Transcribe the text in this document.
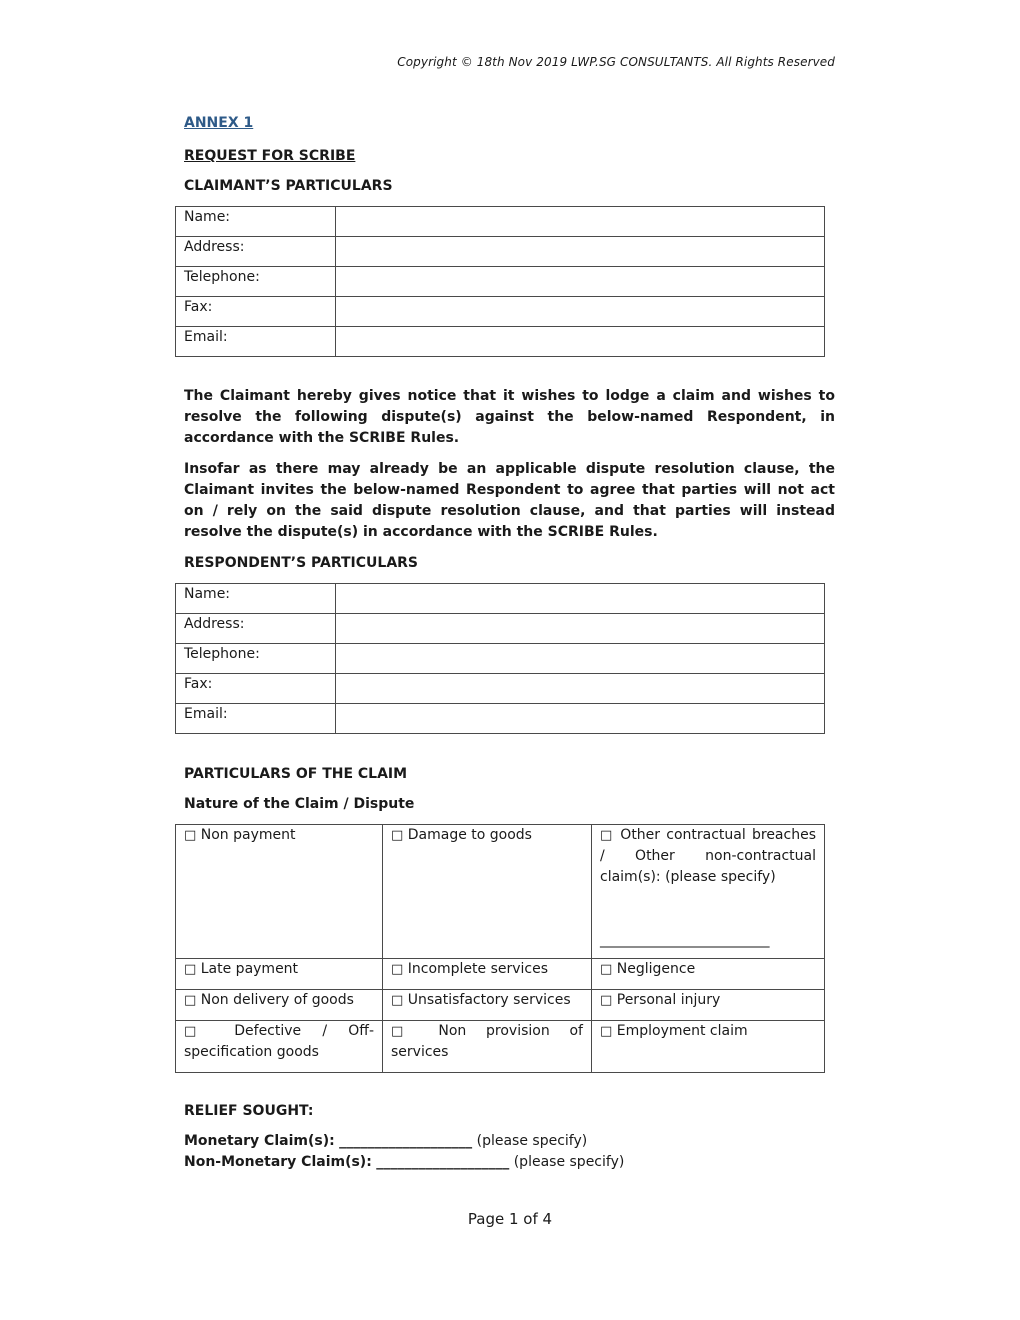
Copyright © 18th Nov 2019 LWP.SG CONSULTANTS. All Rights Reserved
ANNEX 1
REQUEST FOR SCRIBE
CLAIMANT’S PARTICULARS
Name:	
Address:	
Telephone:	
Fax:	
Email:	

The Claimant hereby gives notice that it wishes to lodge a claim and wishes to resolve the following dispute(s) against the below-named Respondent, in accordance with the SCRIBE Rules.

Insofar as there may already be an applicable dispute resolution clause, the Claimant invites the below-named Respondent to agree that parties will not act on / rely on the said dispute resolution clause, and that parties will instead resolve the dispute(s) in accordance with the SCRIBE Rules.

RESPONDENT’S PARTICULARS
Name:	
Address:	
Telephone:	
Fax:	
Email:	
PARTICULARS OF THE CLAIM
Nature of the Claim / Dispute
□ Non payment	□ Damage to goods	□ Other contractual breaches / Other non-contractual claim(s): (please specify)
__________________________

□ Late payment	□ Incomplete services	□ Negligence
□ Non delivery of goods	□ Unsatisfactory services	□ Personal injury
□ Defective / Off-specification goods	□ Non provision of services	□ Employment claim
RELIEF SOUGHT:

Monetary Claim(s): ___________________ (please specify)

Non-Monetary Claim(s): ___________________ (please specify)

Page 1 of 4
